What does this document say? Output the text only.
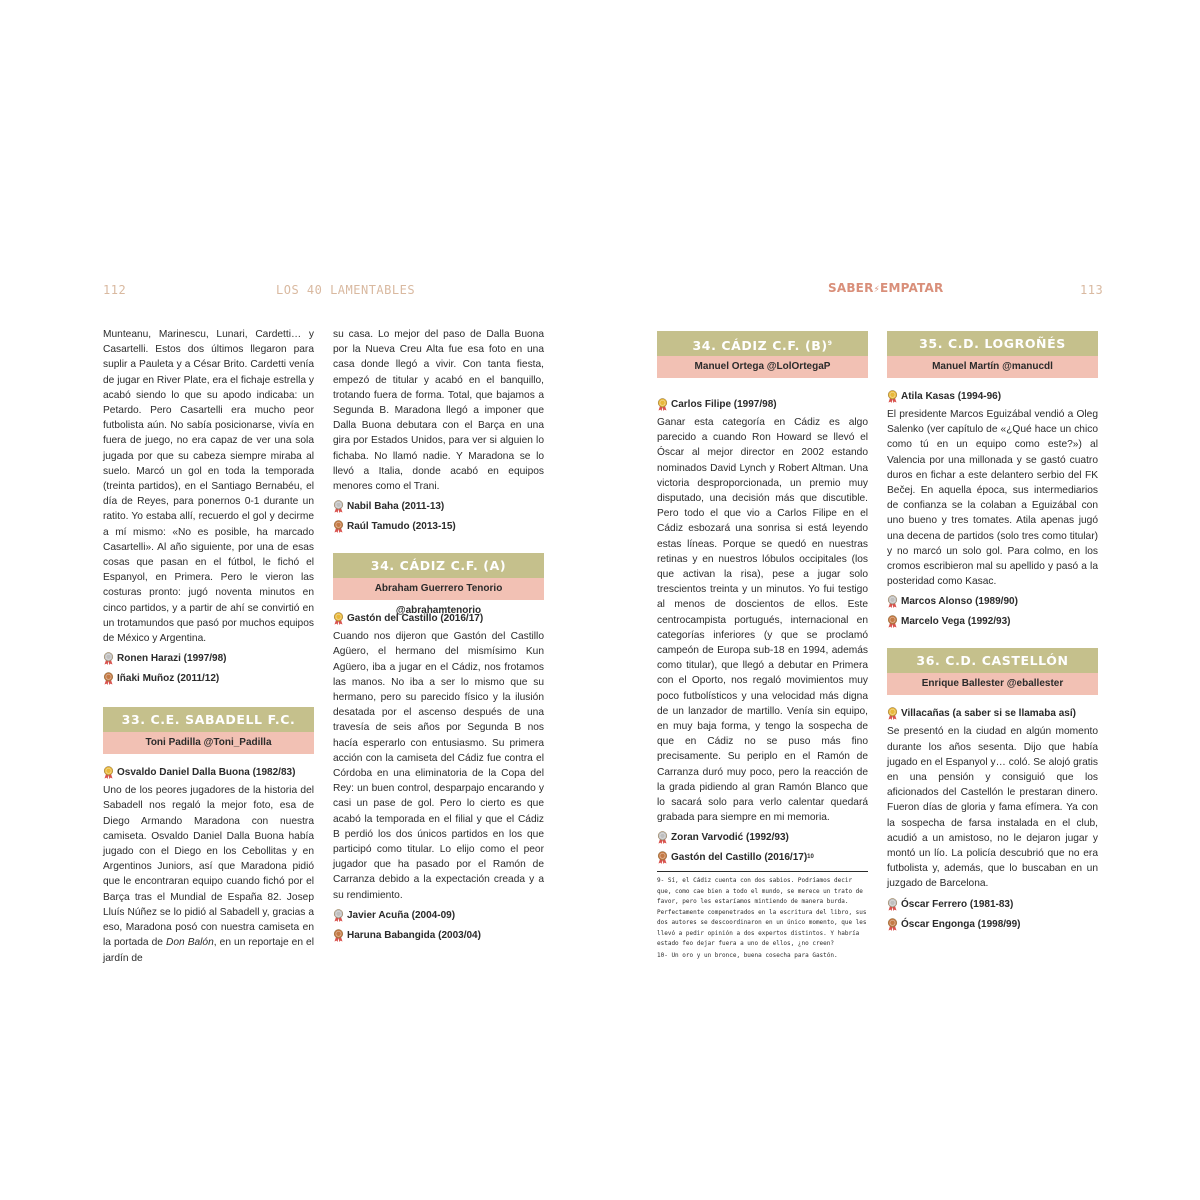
112	LOS 40 LAMENTABLES	SABER⚡EMPATAR	113

Munteanu, Marinescu, Lunari, Cardetti… y Casartelli. Estos dos últimos llegaron para suplir a Pauleta y a César Brito. Cardetti venía de jugar en River Plate, era el fichaje estrella y acabó siendo lo que su apodo indicaba: un Petardo. Pero Casartelli era mucho peor futbolista aún. No sabía posicionarse, vivía en fuera de juego, no era capaz de ver una sola jugada por que su cabeza siempre miraba al suelo. Marcó un gol en toda la temporada (treinta partidos), en el Santiago Bernabéu, el día de Reyes, para ponernos 0-1 durante un ratito. Yo estaba allí, recuerdo el gol y decirme a mí mismo: «No es posible, ha marcado Casartelli». Al año siguiente, por una de esas cosas que pasan en el fútbol, le fichó el Espanyol, en Primera. Pero le vieron las costuras pronto: jugó noventa minutos en cinco partidos, y a partir de ahí se convirtió en un trotamundos que pasó por muchos equipos de México y Argentina.

Ronen Harazi (1997/98)
Iñaki Muñoz (2011/12)
33. C.E. SABADELL F.C.
Toni Padilla @Toni_Padilla
Osvaldo Daniel Dalla Buona (1982/83)

Uno de los peores jugadores de la historia del Sabadell nos regaló la mejor foto, esa de Diego Armando Maradona con nuestra camiseta. Osvaldo Daniel Dalla Buona había jugado con el Diego en los Cebollitas y en Argentinos Juniors, así que Maradona pidió que le encontraran equipo cuando fichó por el Barça tras el Mundial de España 82. Josep Lluís Núñez se lo pidió al Sabadell y, gracias a eso, Maradona posó con nuestra camiseta en la portada de Don Balón, en un reportaje en el jardín de

su casa. Lo mejor del paso de Dalla Buona por la Nueva Creu Alta fue esa foto en una casa donde llegó a vivir. Con tanta fiesta, empezó de titular y acabó en el banquillo, trotando fuera de forma. Total, que bajamos a Segunda B. Maradona llegó a imponer que Dalla Buona debutara con el Barça en una gira por Estados Unidos, para ver si alguien lo fichaba. No llamó nadie. Y Maradona se lo llevó a Italia, donde acabó en equipos menores como el Trani.

Nabil Baha (2011-13)
Raúl Tamudo (2013-15)
34. CÁDIZ C.F. (A)
Abraham Guerrero Tenorio @abrahamtenorio
Gastón del Castillo (2016/17)

Cuando nos dijeron que Gastón del Castillo Agüero, el hermano del mismísimo Kun Agüero, iba a jugar en el Cádiz, nos frotamos las manos. No iba a ser lo mismo que su hermano, pero su parecido físico y la ilusión desatada por el ascenso después de una travesía de seis años por Segunda B nos hacía esperarlo con entusiasmo. Su primera acción con la camiseta del Cádiz fue contra el Córdoba en una eliminatoria de la Copa del Rey: un buen control, desparpajo encarando y casi un pase de gol. Pero lo cierto es que acabó la temporada en el filial y que el Cádiz B perdió los dos únicos partidos en los que participó como titular. Lo elijo como el peor jugador que ha pasado por el Ramón de Carranza debido a la expectación creada y a su rendimiento.

Javier Acuña (2004-09)
Haruna Babangida (2003/04)
34. CÁDIZ C.F. $(B)^9$
Manuel Ortega @LolOrtegaP
Carlos Filipe (1997/98)

Ganar esta categoría en Cádiz es algo parecido a cuando Ron Howard se llevó el Óscar al mejor director en 2002 estando nominados David Lynch y Robert Altman. Una victoria desproporcionada, un premio muy disputado, una decisión más que discutible. Pero todo el que vio a Carlos Filipe en el Cádiz esbozará una sonrisa si está leyendo estas líneas. Porque se quedó en nuestras retinas y en nuestros lóbulos occipitales (los que activan la risa), pese a jugar solo trescientos treinta y un minutos. Yo fui testigo al menos de doscientos de ellos. Este centrocampista portugués, internacional en categorías inferiores (y que se proclamó campeón de Europa sub-18 en 1994, además como titular), que llegó a debutar en Primera con el Oporto, nos regaló movimientos muy poco futbolísticos y una velocidad más digna de un lanzador de martillo. Venía sin equipo, en muy baja forma, y tengo la sospecha de que en Cádiz no se puso más fino precisamente. Su periplo en el Ramón de Carranza duró muy poco, pero la reacción de la grada pidiendo al gran Ramón Blanco que lo sacará solo para verlo calentar quedará grabada para siempre en mi memoria.

Zoran Varvodić (1992/93)
Gastón del Castillo (2016/17) 10
9- Sí, el Cádiz cuenta con dos sabios. Podríamos decir que, como cae bien a todo el mundo, se merece un trato de favor, pero les estaríamos mintiendo de manera burda. Perfectamente compenetrados en la escritura del libro, sus dos autores se descoordinaron en un único momento, que les llevó a pedir opinión a dos expertos distintos. Y habría estado feo dejar fuera a uno de ellos, ¿no creen?
10- Un oro y un bronce, buena cosecha para Gastón.
35. C.D. LOGROÑÉS
Manuel Martín @manucdl
Atila Kasas (1994-96)

El presidente Marcos Eguizábal vendió a Oleg Salenko (ver capítulo de «¿Qué hace un chico como tú en un equipo como este?») al Valencia por una millonada y se gastó cuatro duros en fichar a este delantero serbio del FK Bečej. En aquella época, sus intermediarios de confianza se la colaban a Eguizábal con uno bueno y tres tomates. Atila apenas jugó una decena de partidos (solo tres como titular) y no marcó un solo gol. Para colmo, en los cromos escribieron mal su apellido y pasó a la posteridad como Kasac.

Marcos Alonso (1989/90)
Marcelo Vega (1992/93)
36. C.D. CASTELLÓN
Enrique Ballester @eballester
Villacañas (a saber si se llamaba así)

Se presentó en la ciudad en algún momento durante los años sesenta. Dijo que había jugado en el Espanyol y… coló. Se alojó gratis en una pensión y consiguió que los aficionados del Castellón le prestaran dinero. Fueron días de gloria y fama efímera. Ya con la sospecha de farsa instalada en el club, acudió a un amistoso, no le dejaron jugar y montó un lío. La policía descubrió que no era futbolista y, además, que lo buscaban en un juzgado de Barcelona.

Óscar Ferrero (1981-83)
Óscar Engonga (1998/99)
